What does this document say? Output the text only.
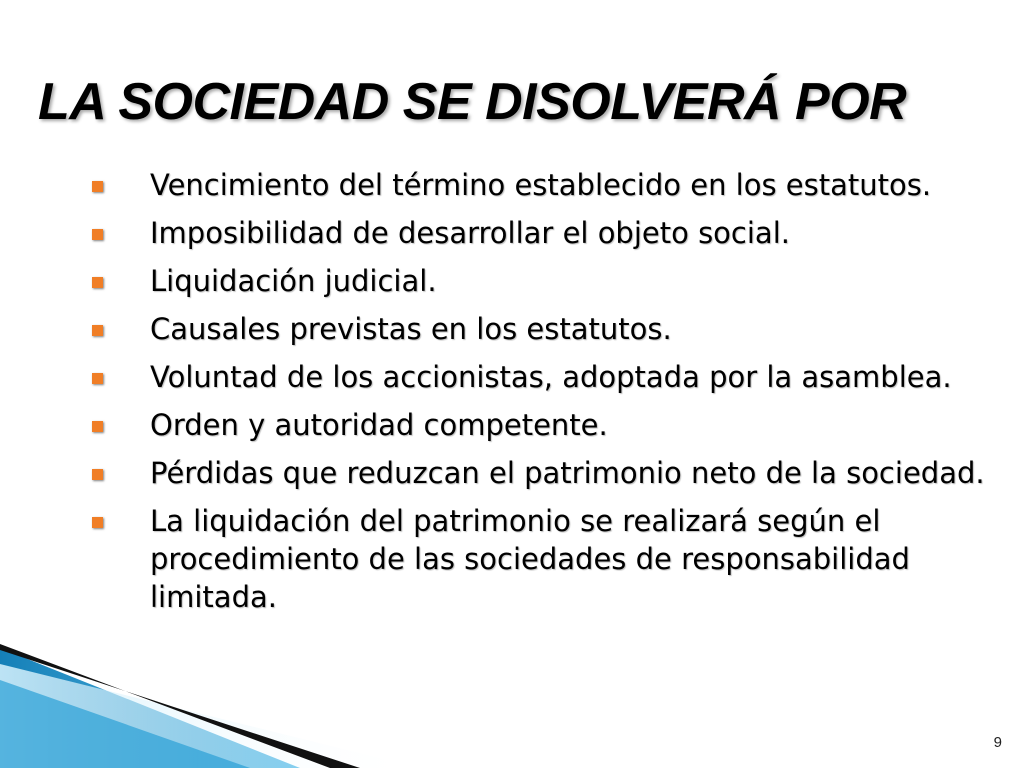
LA SOCIEDAD SE DISOLVERÁ POR
Vencimiento del término establecido en los estatutos.
Imposibilidad de desarrollar el objeto social.
Liquidación judicial.
Causales previstas en los estatutos.
Voluntad de los accionistas, adoptada por la asamblea.
Orden y autoridad competente.
Pérdidas que reduzcan el patrimonio neto de la sociedad.
La liquidación del patrimonio se realizará según el procedimiento de las sociedades de responsabilidad limitada.
9
